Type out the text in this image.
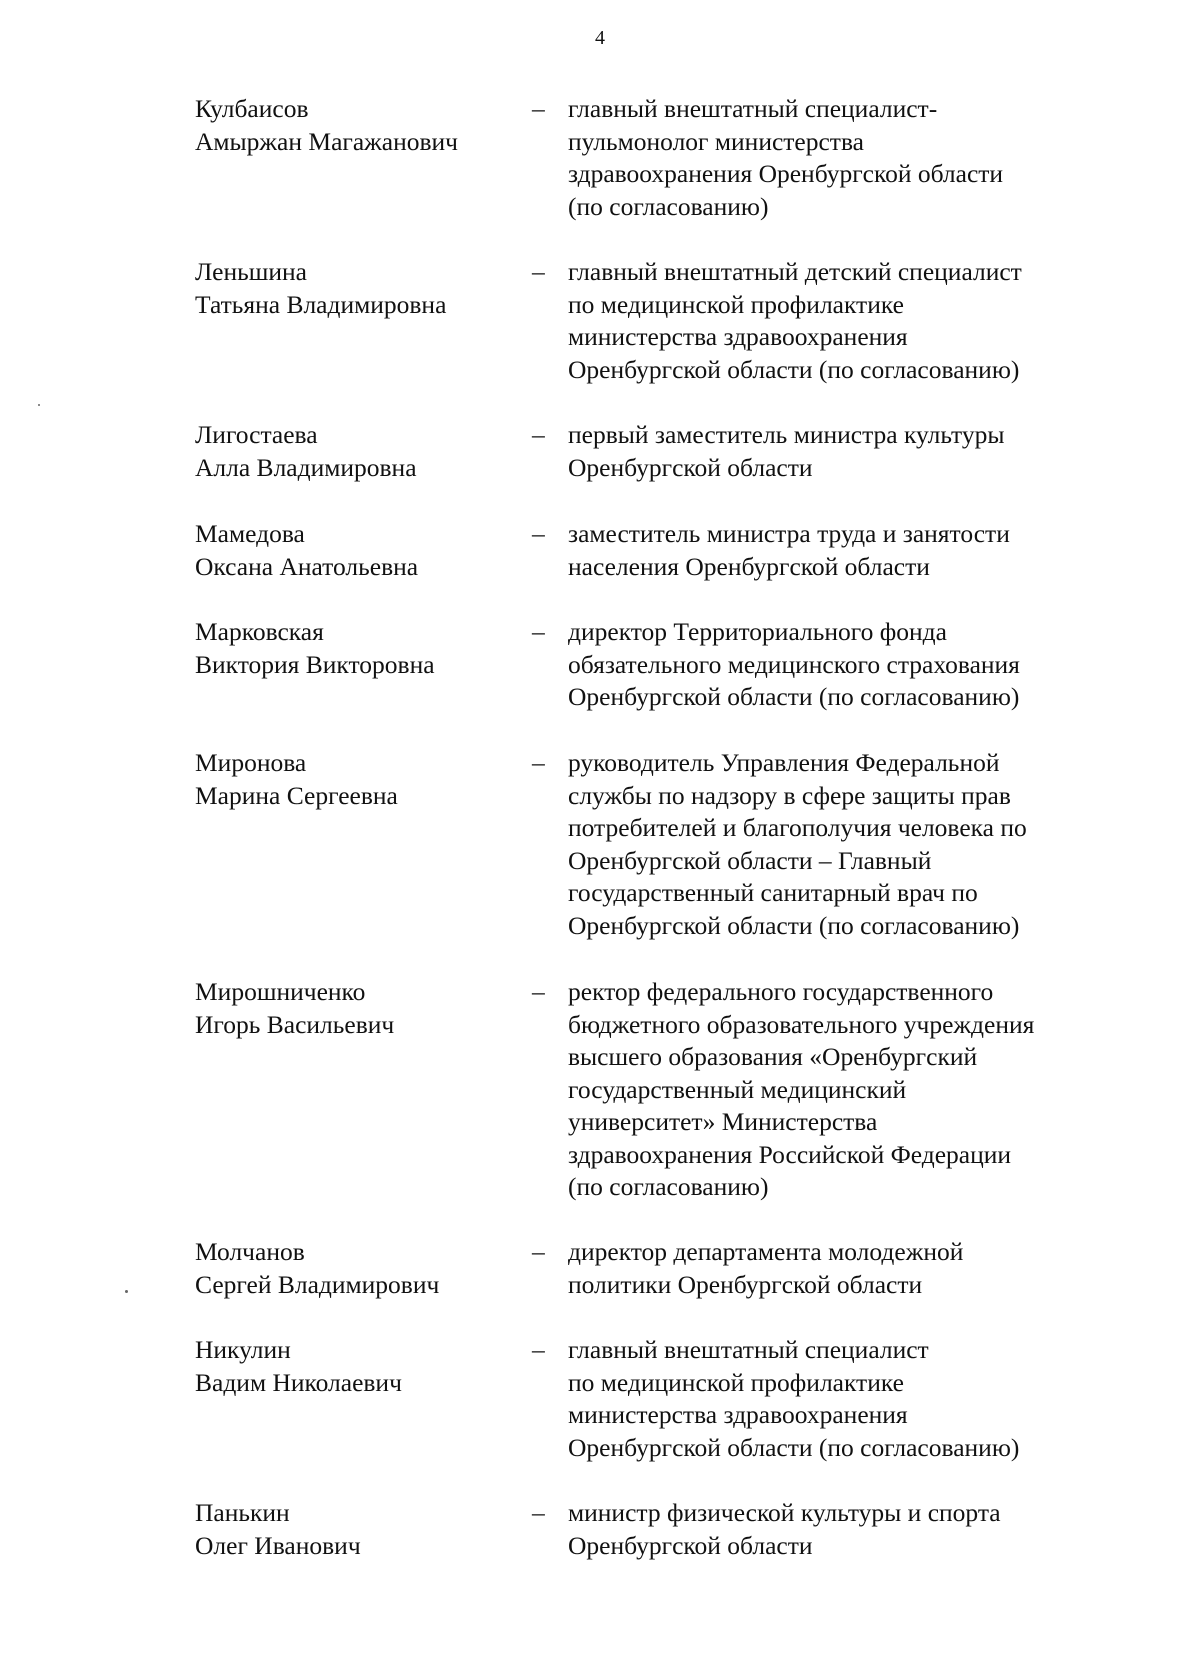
4
Кулбаисов
Амыржан Магажанович
– главный внештатный специалист-
пульмонолог министерства
здравоохранения Оренбургской области
(по согласованию)
Леньшина
Татьяна Владимировна
– главный внештатный детский специалист
по медицинской профилактике
министерства здравоохранения
Оренбургской области (по согласованию)
Лигостаева
Алла Владимировна
– первый заместитель министра культуры
Оренбургской области
Мамедова
Оксана Анатольевна
– заместитель министра труда и занятости
населения Оренбургской области
Марковская
Виктория Викторовна
– директор Территориального фонда
обязательного медицинского страхования
Оренбургской области (по согласованию)
Миронова
Марина Сергеевна
– руководитель Управления Федеральной
службы по надзору в сфере защиты прав
потребителей и благополучия человека по
Оренбургской области – Главный
государственный санитарный врач по
Оренбургской области (по согласованию)
Мирошниченко
Игорь Васильевич
– ректор федерального государственного
бюджетного образовательного учреждения
высшего образования «Оренбургский
государственный медицинский
университет» Министерства
здравоохранения Российской Федерации
(по согласованию)
Молчанов
Сергей Владимирович
– директор департамента молодежной
политики Оренбургской области
Никулин
Вадим Николаевич
– главный внештатный специалист
по медицинской профилактике
министерства здравоохранения
Оренбургской области (по согласованию)
Панькин
Олег Иванович
– министр физической культуры и спорта
Оренбургской области
